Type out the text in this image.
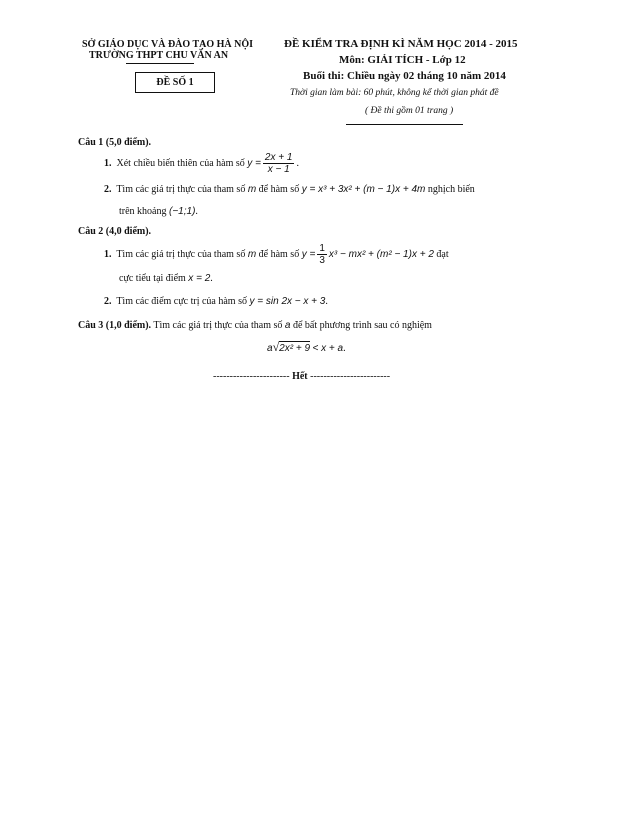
SỞ GIÁO DỤC VÀ ĐÀO TẠO HÀ NỘI
TRƯỜNG THPT CHU VĂN AN
ĐỀ SỐ 1
ĐỀ KIỂM TRA ĐỊNH KÌ NĂM HỌC 2014 - 2015
Môn: GIẢI TÍCH - Lớp 12
Buổi thi: Chiều ngày 02 tháng 10 năm 2014
Thời gian làm bài: 60 phút, không kể thời gian phát đề
( Đề thi gồm 01 trang )
Câu 1 (5,0 điểm).
1. Xét chiều biến thiên của hàm số $y = \frac{2x + 1}{x - 1}$ .
2. Tìm các giá trị thực của tham số m để hàm số y = x³ + 3x² + (m − 1)x + 4m nghịch biến
trên khoảng (−1;1).
Câu 2 (4,0 điểm).
1. Tìm các giá trị thực của tham số m để hàm số $y = \frac{1}{3} x^3 - mx^2 + (m^2 - 1)x + 2$ đạt
cực tiểu tại điểm x = 2.
2. Tìm các điểm cực trị của hàm số y = sin 2x − x + 3.
Câu 3 (1,0 điểm). Tìm các giá trị thực của tham số a để bất phương trình sau có nghiệm
a√2x² + 9 < x + a.
----------------------- Hết ------------------------
